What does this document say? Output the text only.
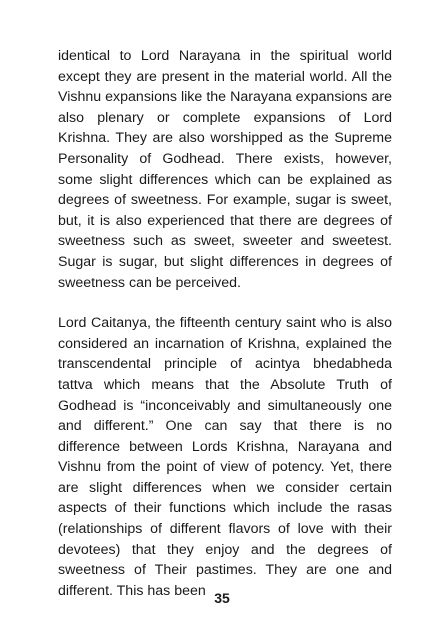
identical to Lord Narayana in the spiritual world except they are present in the material world. All the Vishnu expansions like the Narayana expansions are also plenary or complete expansions of Lord Krishna. They are also worshipped as the Supreme Personality of Godhead. There exists, however, some slight differences which can be explained as degrees of sweetness. For example, sugar is sweet, but, it is also experienced that there are degrees of sweetness such as sweet, sweeter and sweetest. Sugar is sugar, but slight differences in degrees of sweetness can be perceived.

Lord Caitanya, the fifteenth century saint who is also considered an incarnation of Krishna, explained the transcendental principle of acintya bhedabheda tattva which means that the Absolute Truth of Godhead is “inconceivably and simultaneously one and different.” One can say that there is no difference between Lords Krishna, Narayana and Vishnu from the point of view of potency. Yet, there are slight differences when we consider certain aspects of their functions which include the rasas (relationships of different flavors of love with their devotees) that they enjoy and the degrees of sweetness of Their pastimes. They are one and different. This has been 35
